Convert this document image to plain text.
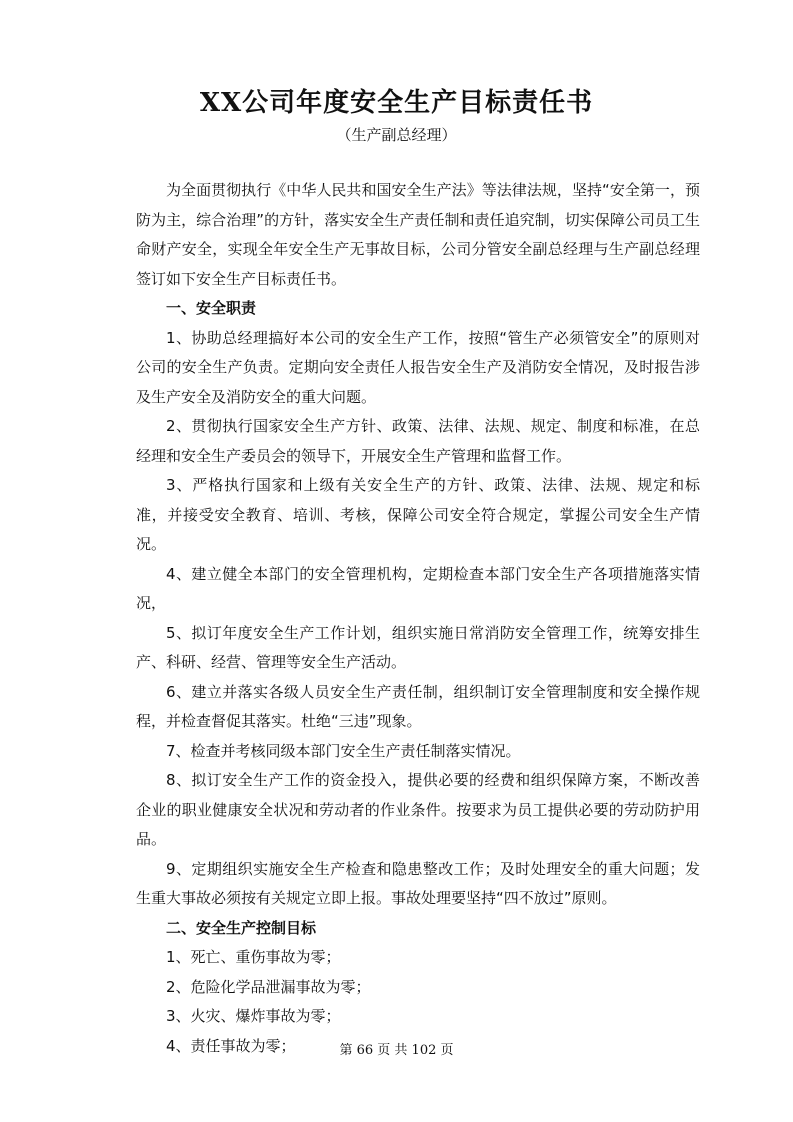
XX公司年度安全生产目标责任书
（生产副总经理）

为全面贯彻执行《中华人民共和国安全生产法》等法律法规，坚持“安全第一，预防为主，综合治理”的方针，落实安全生产责任制和责任追究制，切实保障公司员工生命财产安全，实现全年安全生产无事故目标，公司分管安全副总经理与生产副总经理签订如下安全生产目标责任书。

一、安全职责

1、协助总经理搞好本公司的安全生产工作，按照“管生产必须管安全”的原则对公司的安全生产负责。定期向安全责任人报告安全生产及消防安全情况，及时报告涉及生产安全及消防安全的重大问题。

2、贯彻执行国家安全生产方针、政策、法律、法规、规定、制度和标准，在总经理和安全生产委员会的领导下，开展安全生产管理和监督工作。

3、严格执行国家和上级有关安全生产的方针、政策、法律、法规、规定和标准，并接受安全教育、培训、考核，保障公司安全符合规定，掌握公司安全生产情况。

4、建立健全本部门的安全管理机构，定期检查本部门安全生产各项措施落实情况，

5、拟订年度安全生产工作计划，组织实施日常消防安全管理工作，统筹安排生产、科研、经营、管理等安全生产活动。

6、建立并落实各级人员安全生产责任制，组织制订安全管理制度和安全操作规程，并检查督促其落实。杜绝“三违”现象。

7、检查并考核同级本部门安全生产责任制落实情况。

8、拟订安全生产工作的资金投入，提供必要的经费和组织保障方案，不断改善企业的职业健康安全状况和劳动者的作业条件。按要求为员工提供必要的劳动防护用品。

9、定期组织实施安全生产检查和隐患整改工作；及时处理安全的重大问题；发生重大事故必须按有关规定立即上报。事故处理要坚持“四不放过”原则。

二、安全生产控制目标

1、死亡、重伤事故为零；

2、危险化学品泄漏事故为零；

3、火灾、爆炸事故为零；

4、责任事故为零；	第 66 页 共 102 页
